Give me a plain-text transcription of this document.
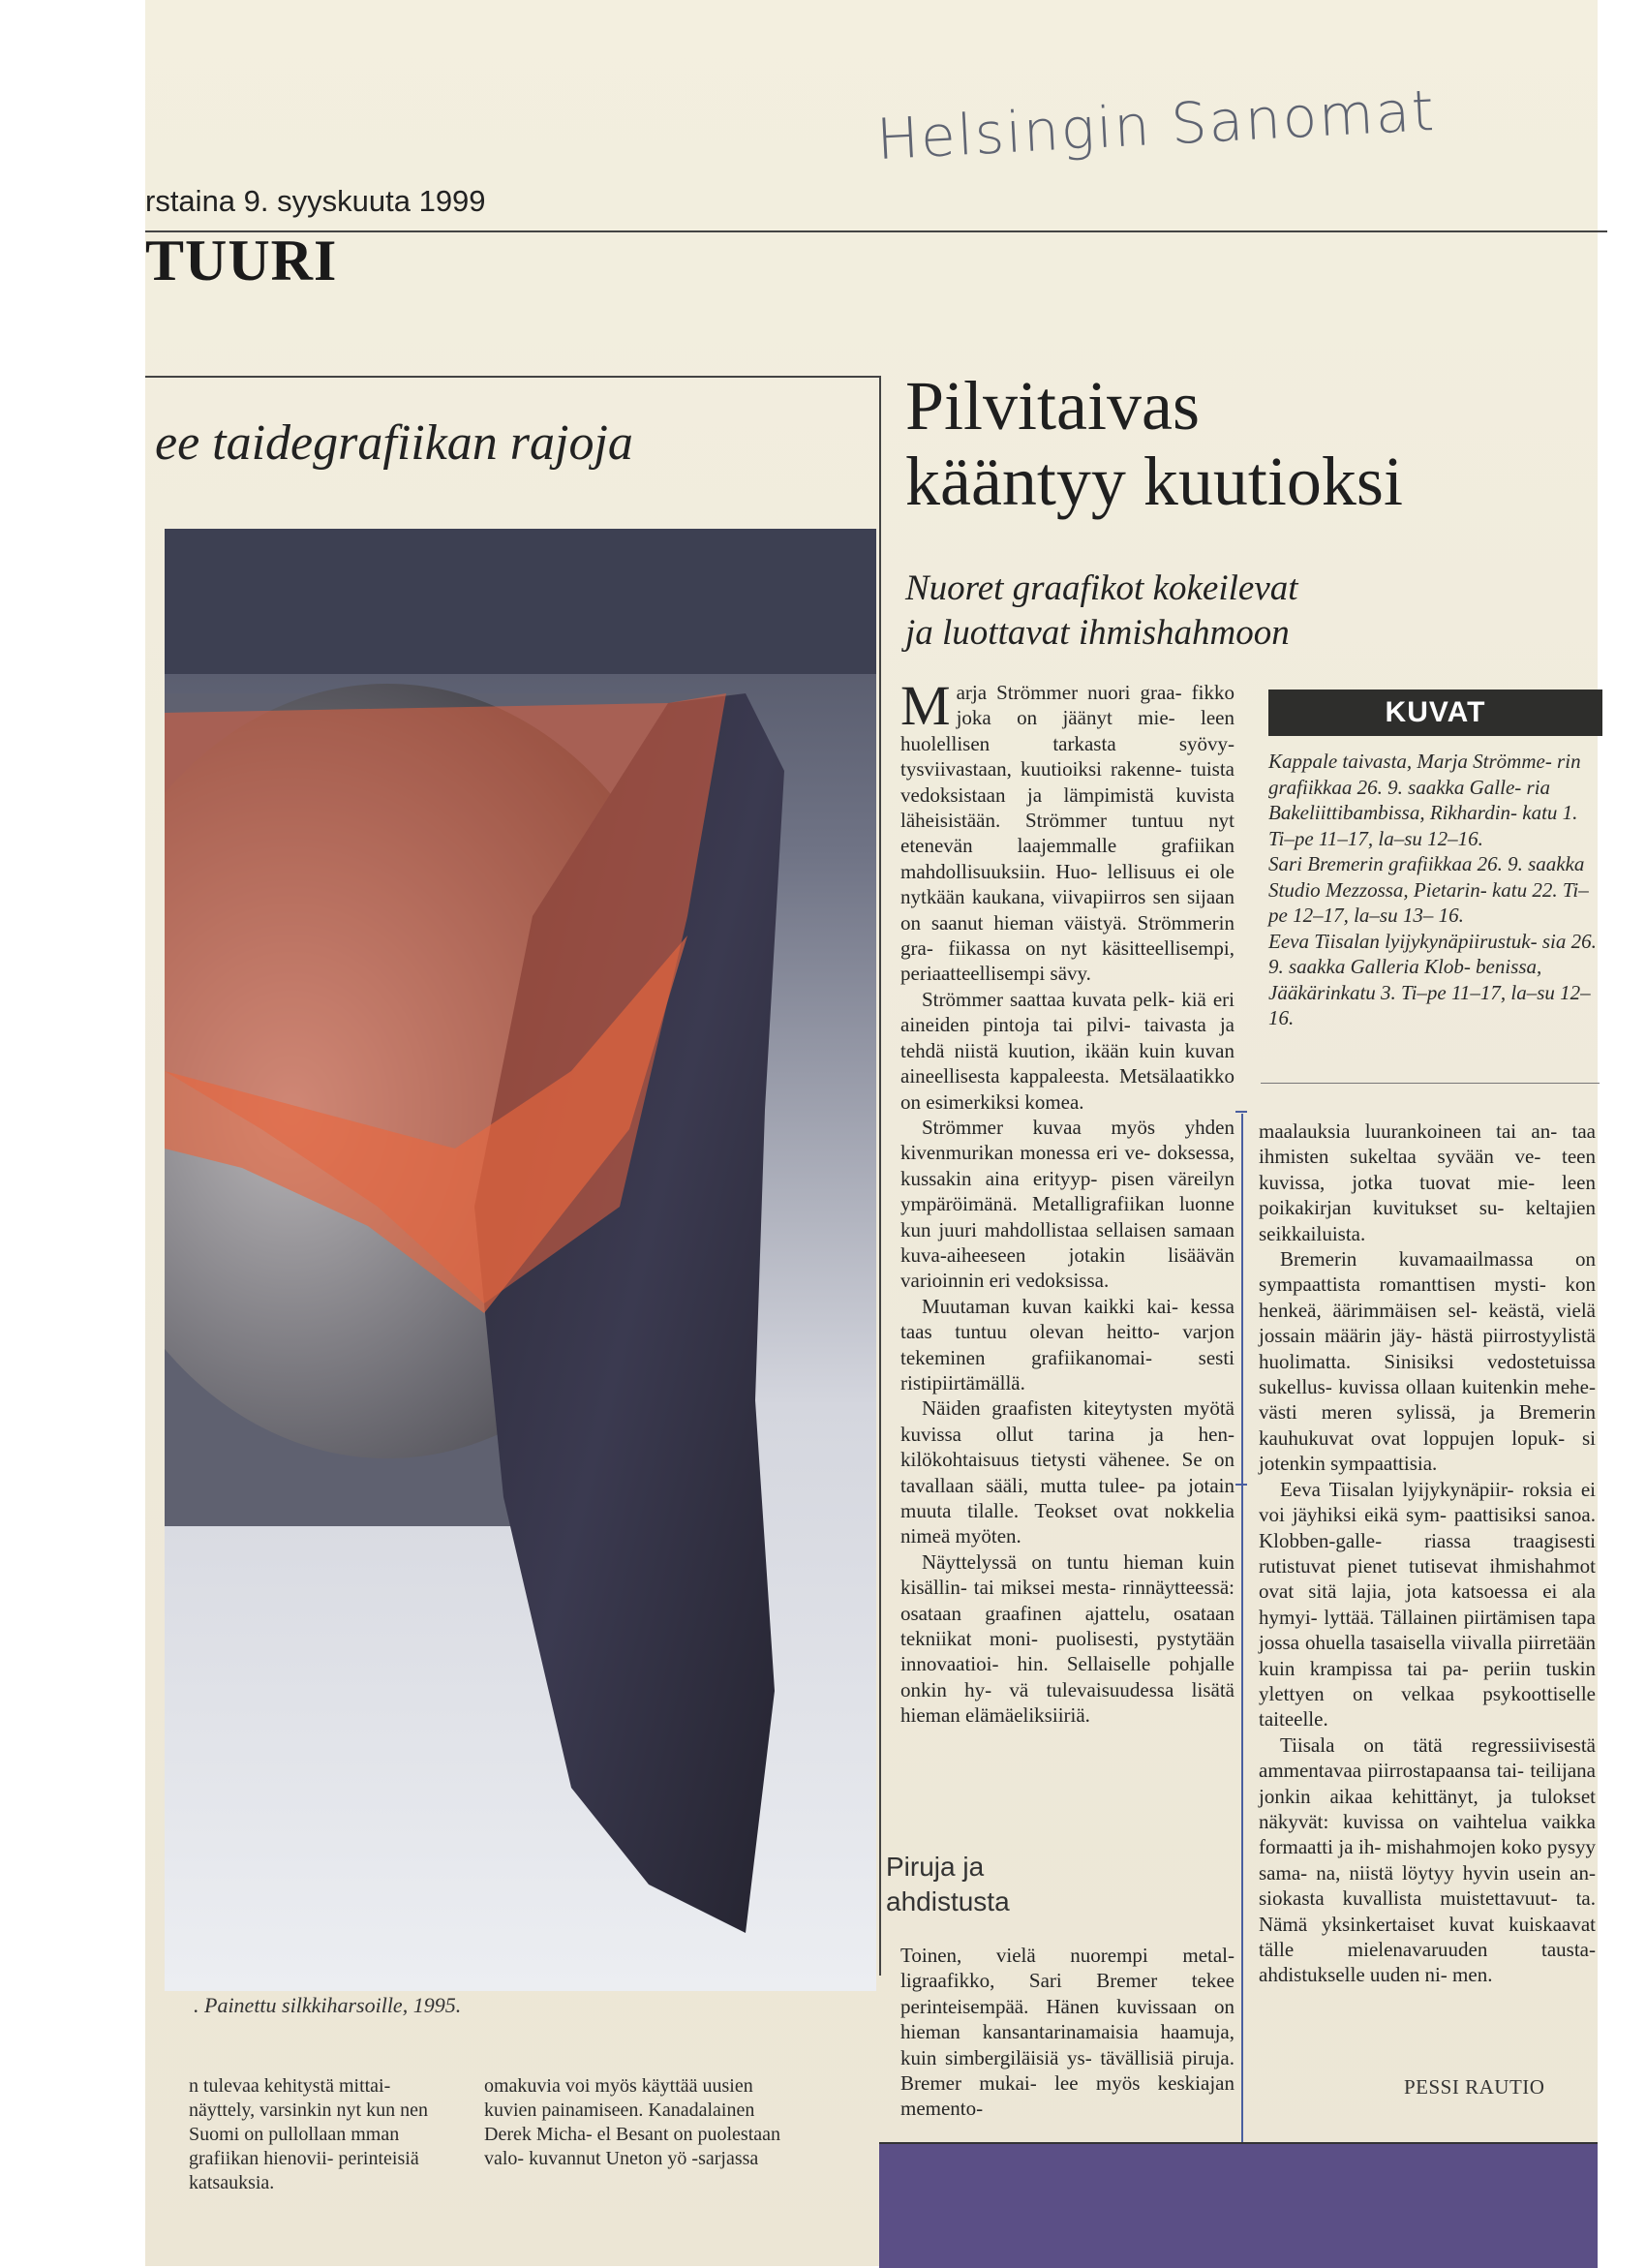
Helsingin Sanomat
rstaina 9. syyskuuta 1999
TUURI
ee taidegrafiikan rajoja
. Painettu silkkiharsoille, 1995.
n tulevaa kehitystä mittai- näyttely, varsinkin nyt kun nen Suomi on pullollaan mman grafiikan hienovii- perinteisiä katsauksia.
omakuvia voi myös käyttää uusien kuvien painamiseen. Kanadalainen Derek Micha- el Besant on puolestaan valo- kuvannut Uneton yö -sarjassa
Pilvitaivas
kääntyy kuutioksi
Nuoret graafikot kokeilevat
ja luottavat ihmishahmoon

Marja Strömmer nuori graa- fikko joka on jäänyt mie- leen huolellisen tarkasta syövy- tysviivastaan, kuutioiksi rakenne- tuista vedoksistaan ja lämpimistä kuvista läheisistään. Strömmer tuntuu nyt etenevän laajemmalle grafiikan mahdollisuuksiin. Huo- lellisuus ei ole nytkään kaukana, viivapiirros sen sijaan on saanut hieman väistyä. Strömmerin gra- fiikassa on nyt käsitteellisempi, periaatteellisempi sävy.

Strömmer saattaa kuvata pelk- kiä eri aineiden pintoja tai pilvi- taivasta ja tehdä niistä kuution, ikään kuin kuvan aineellisesta kappaleesta. Metsälaatikko on esimerkiksi komea.

Strömmer kuvaa myös yhden kivenmurikan monessa eri ve- doksessa, kussakin aina erityyp- pisen väreilyn ympäröimänä. Metalligrafiikan luonne kun juuri mahdollistaa sellaisen samaan kuva-aiheeseen jotakin lisäävän varioinnin eri vedoksissa.

Muutaman kuvan kaikki kai- kessa taas tuntuu olevan heitto- varjon tekeminen grafiikanomai- sesti ristipiirtämällä.

Näiden graafisten kiteytysten myötä kuvissa ollut tarina ja hen- kilökohtaisuus tietysti vähenee. Se on tavallaan sääli, mutta tulee- pa jotain muuta tilalle. Teokset ovat nokkelia nimeä myöten.

Näyttelyssä on tuntu hieman kuin kisällin- tai miksei mesta- rinnäytteessä: osataan graafinen ajattelu, osataan tekniikat moni- puolisesti, pystytään innovaatioi- hin. Sellaiselle pohjalle onkin hy- vä tulevaisuudessa lisätä hieman elämäeliksiiriä.

Piruja ja
ahdistusta

Toinen, vielä nuorempi metal- ligraafikko, Sari Bremer tekee perinteisempää. Hänen kuvissaan on hieman kansantarinamaisia haamuja, kuin simbergiläisiä ys- tävällisiä piruja. Bremer mukai- lee myös keskiajan memento-

KUVAT
Kappale taivasta, Marja Strömme- rin grafiikkaa 26. 9. saakka Galle- ria Bakeliittibambissa, Rikhardin- katu 1. Ti–pe 11–17, la–su 12–16.
Sari Bremerin grafiikkaa 26. 9. saakka Studio Mezzossa, Pietarin- katu 22. Ti–pe 12–17, la–su 13– 16.
Eeva Tiisalan lyijykynäpiirustuk- sia 26. 9. saakka Galleria Klob- benissa, Jääkärinkatu 3. Ti–pe 11–17, la–su 12–16.

maalauksia luurankoineen tai an- taa ihmisten sukeltaa syvään ve- teen kuvissa, jotka tuovat mie- leen poikakirjan kuvitukset su- keltajien seikkailuista.

Bremerin kuvamaailmassa on sympaattista romanttisen mysti- kon henkeä, äärimmäisen sel- keästä, vielä jossain määrin jäy- hästä piirrostyylistä huolimatta. Sinisiksi vedostetuissa sukellus- kuvissa ollaan kuitenkin mehe- västi meren sylissä, ja Bremerin kauhukuvat ovat loppujen lopuk- si jotenkin sympaattisia.

Eeva Tiisalan lyijykynäpiir- roksia ei voi jäyhiksi eikä sym- paattisiksi sanoa. Klobben-galle- riassa traagisesti rutistuvat pienet tutisevat ihmishahmot ovat sitä lajia, jota katsoessa ei ala hymyi- lyttää. Tällainen piirtämisen tapa jossa ohuella tasaisella viivalla piirretään kuin krampissa tai pa- periin tuskin ylettyen on velkaa psykoottiselle taiteelle.

Tiisala on tätä regressiivisestä ammentavaa piirrostapaansa tai- teilijana jonkin aikaa kehittänyt, ja tulokset näkyvät: kuvissa on vaihtelua vaikka formaatti ja ih- mishahmojen koko pysyy sama- na, niistä löytyy hyvin usein an- siokasta kuvallista muistettavuut- ta. Nämä yksinkertaiset kuvat kuiskaavat tälle mielenavaruuden tausta-ahdistukselle uuden ni- men.

PESSI RAUTIO
